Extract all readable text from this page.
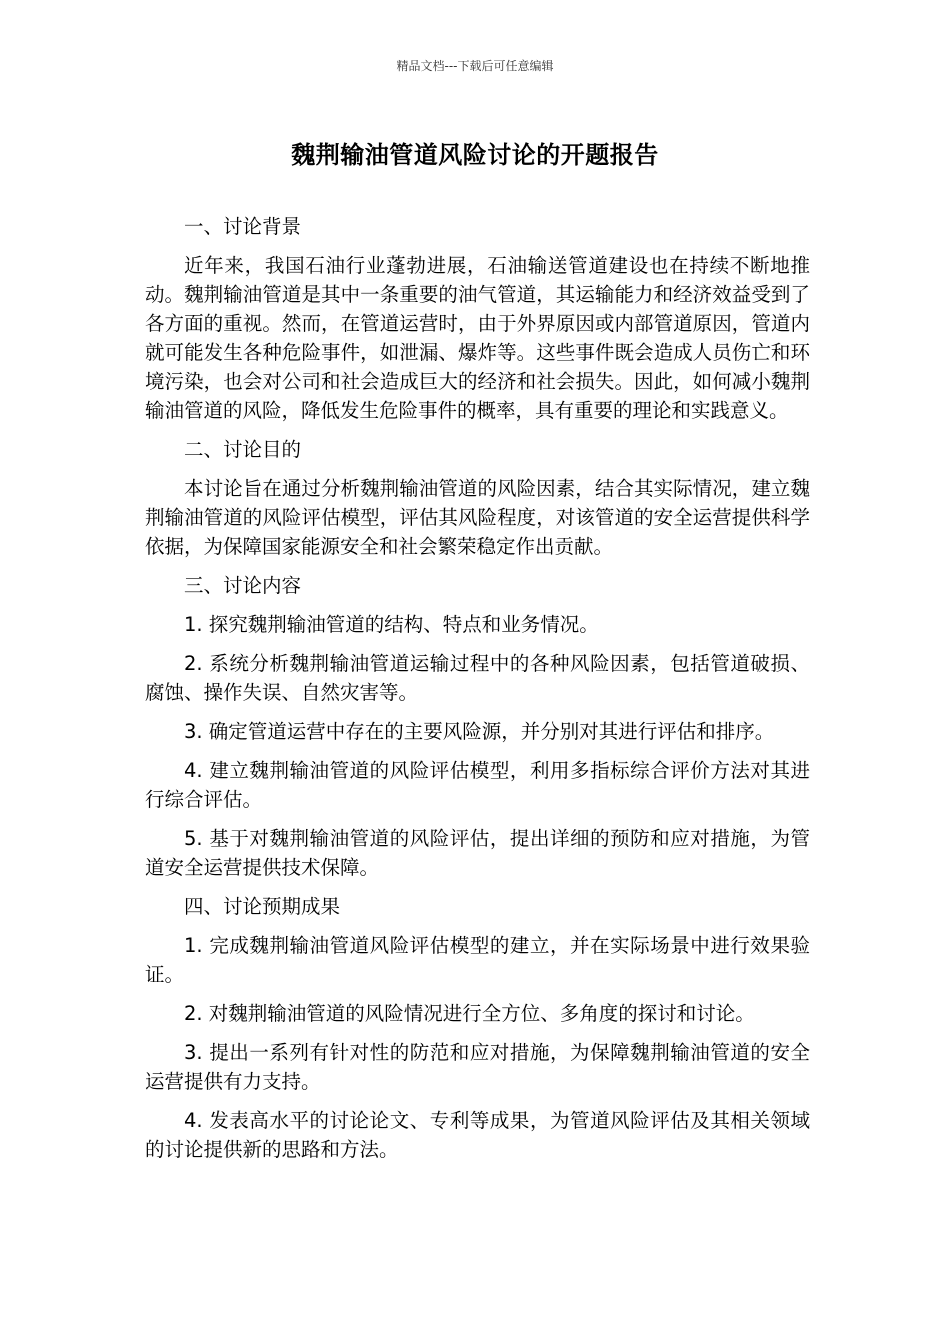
精品文档---下载后可任意编辑
魏荆输油管道风险讨论的开题报告

一、讨论背景

近年来，我国石油行业蓬勃进展，石油输送管道建设也在持续不断地推动。魏荆输油管道是其中一条重要的油气管道，其运输能力和经济效益受到了各方面的重视。然而，在管道运营时，由于外界原因或内部管道原因，管道内就可能发生各种危险事件，如泄漏、爆炸等。这些事件既会造成人员伤亡和环境污染，也会对公司和社会造成巨大的经济和社会损失。因此，如何减小魏荆输油管道的风险，降低发生危险事件的概率，具有重要的理论和实践意义。

二、讨论目的

本讨论旨在通过分析魏荆输油管道的风险因素，结合其实际情况，建立魏荆输油管道的风险评估模型，评估其风险程度，对该管道的安全运营提供科学依据，为保障国家能源安全和社会繁荣稳定作出贡献。

三、讨论内容

1. 探究魏荆输油管道的结构、特点和业务情况。

2. 系统分析魏荆输油管道运输过程中的各种风险因素，包括管道破损、腐蚀、操作失误、自然灾害等。

3. 确定管道运营中存在的主要风险源，并分别对其进行评估和排序。

4. 建立魏荆输油管道的风险评估模型，利用多指标综合评价方法对其进行综合评估。

5. 基于对魏荆输油管道的风险评估，提出详细的预防和应对措施，为管道安全运营提供技术保障。

四、讨论预期成果

1. 完成魏荆输油管道风险评估模型的建立，并在实际场景中进行效果验证。

2. 对魏荆输油管道的风险情况进行全方位、多角度的探讨和讨论。

3. 提出一系列有针对性的防范和应对措施，为保障魏荆输油管道的安全运营提供有力支持。

4. 发表高水平的讨论论文、专利等成果，为管道风险评估及其相关领域的讨论提供新的思路和方法。
